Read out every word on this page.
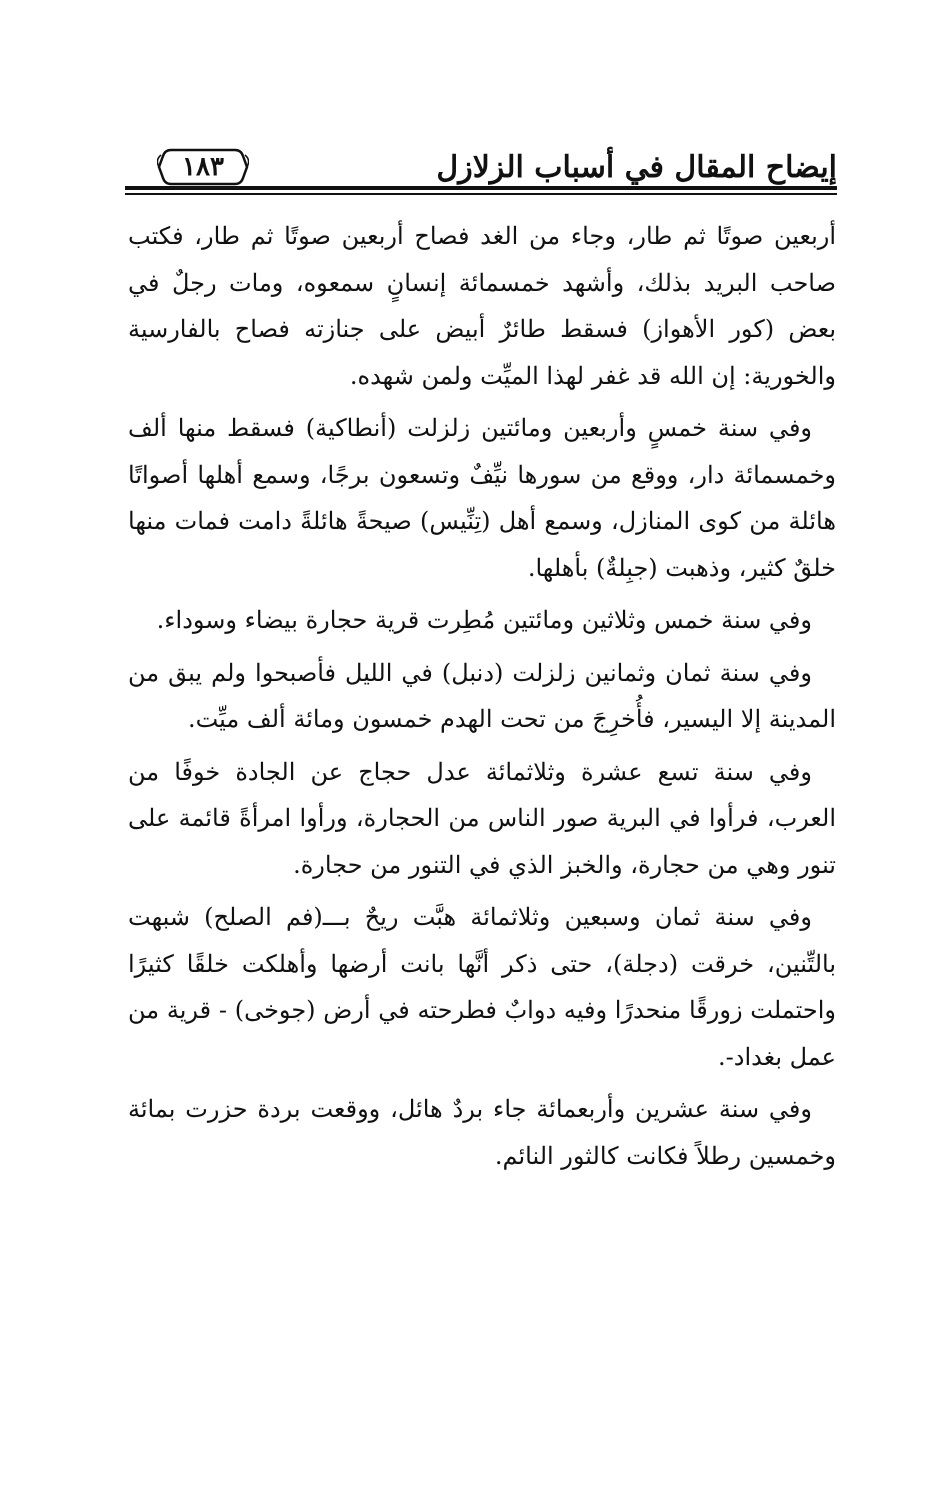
إيضاح المقال في أسباب الزلازل
١٨٣

أربعين صوتًا ثم طار، وجاء من الغد فصاح أربعين صوتًا ثم طار، فكتب صاحب البريد بذلك، وأشهد خمسمائة إنسانٍ سمعوه، ومات رجلٌ في بعض (كور الأهواز) فسقط طائرٌ أبيض على جنازته فصاح بالفارسية والخورية: إن الله قد غفر لهذا الميِّت ولمن شهده.

وفي سنة خمسٍ وأربعين ومائتين زلزلت (أنطاكية) فسقط منها ألف وخمسمائة دار، ووقع من سورها نيِّفٌ وتسعون برجًا، وسمع أهلها أصواتًا هائلة من كوى المنازل، وسمع أهل (تِنِّيس) صيحةً هائلةً دامت فمات منها خلقٌ كثير، وذهبت (جبِلةٌ) بأهلها.

وفي سنة خمس وثلاثين ومائتين مُطِرت قرية حجارة بيضاء وسوداء.

وفي سنة ثمان وثمانين زلزلت (دنبل) في الليل فأصبحوا ولم يبق من المدينة إلا اليسير، فأُخرِجَ من تحت الهدم خمسون ومائة ألف ميِّت.

وفي سنة تسع عشرة وثلاثمائة عدل حجاج عن الجادة خوفًا من العرب، فرأوا في البرية صور الناس من الحجارة، ورأوا امرأةً قائمة على تنور وهي من حجارة، والخبز الذي في التنور من حجارة.

وفي سنة ثمان وسبعين وثلاثمائة هبَّت ريحٌ بـــ(فم الصلح) شبهت بالتِّنين، خرقت (دجلة)، حتى ذكر أنَّها بانت أرضها وأهلكت خلقًا كثيرًا واحتملت زورقًا منحدرًا وفيه دوابٌ فطرحته في أرض (جوخى) - قرية من عمل بغداد-.

وفي سنة عشرين وأربعمائة جاء بردٌ هائل، ووقعت بردة حزرت بمائة وخمسين رطلاً فكانت كالثور النائم.
